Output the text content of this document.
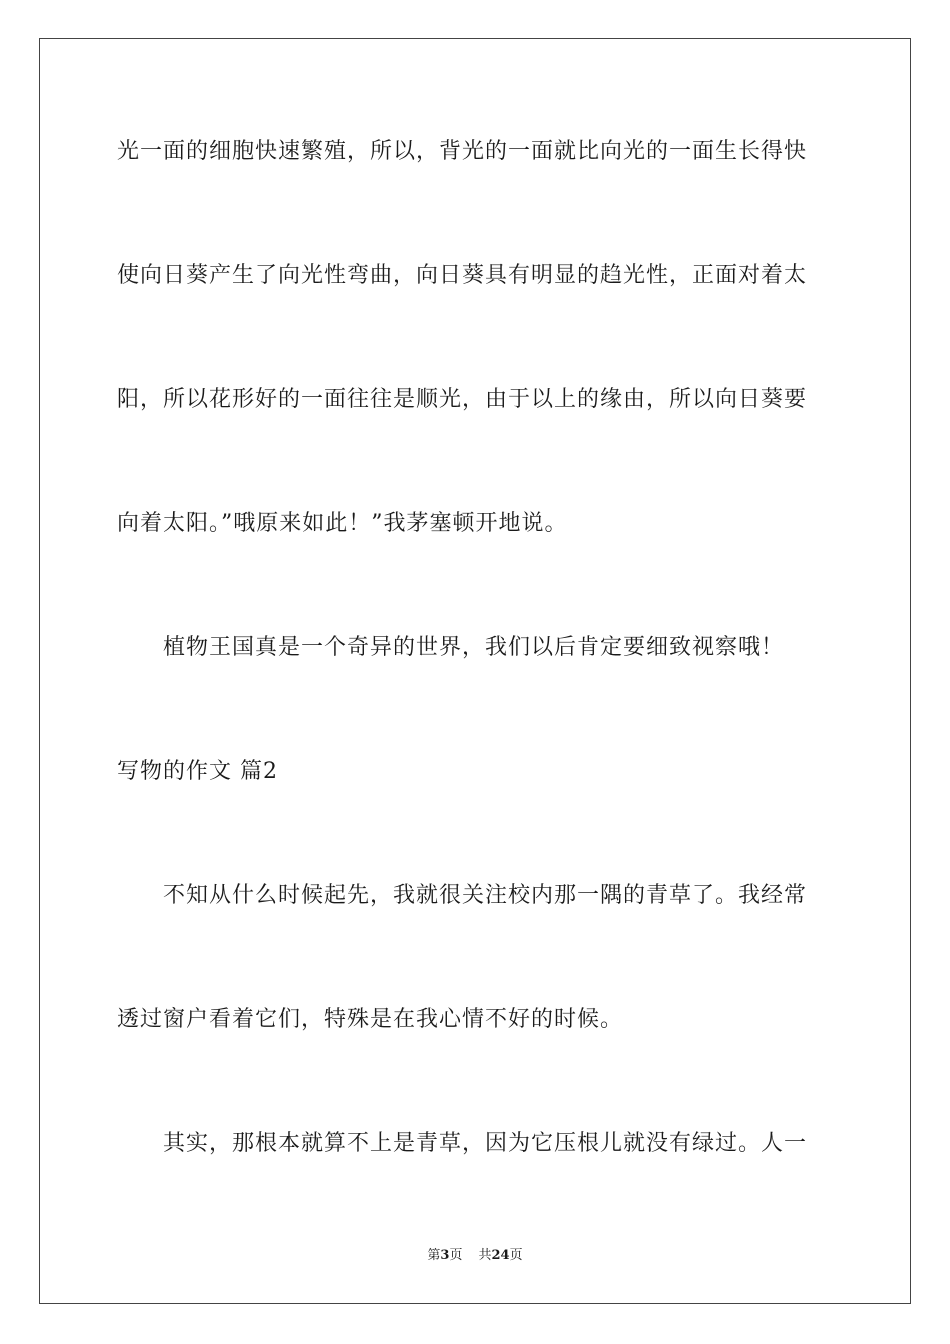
光一面的细胞快速繁殖，所以，背光的一面就比向光的一面生长得快
使向日葵产生了向光性弯曲，向日葵具有明显的趋光性，正面对着太
阳，所以花形好的一面往往是顺光，由于以上的缘由，所以向日葵要
向着太阳。”哦原来如此！”我茅塞顿开地说。
植物王国真是一个奇异的世界，我们以后肯定要细致视察哦！
写物的作文 篇2
不知从什么时候起先，我就很关注校内那一隅的青草了。我经常
透过窗户看着它们，特殊是在我心情不好的时候。
其实，那根本就算不上是青草，因为它压根儿就没有绿过。人一
第3页 共24页
